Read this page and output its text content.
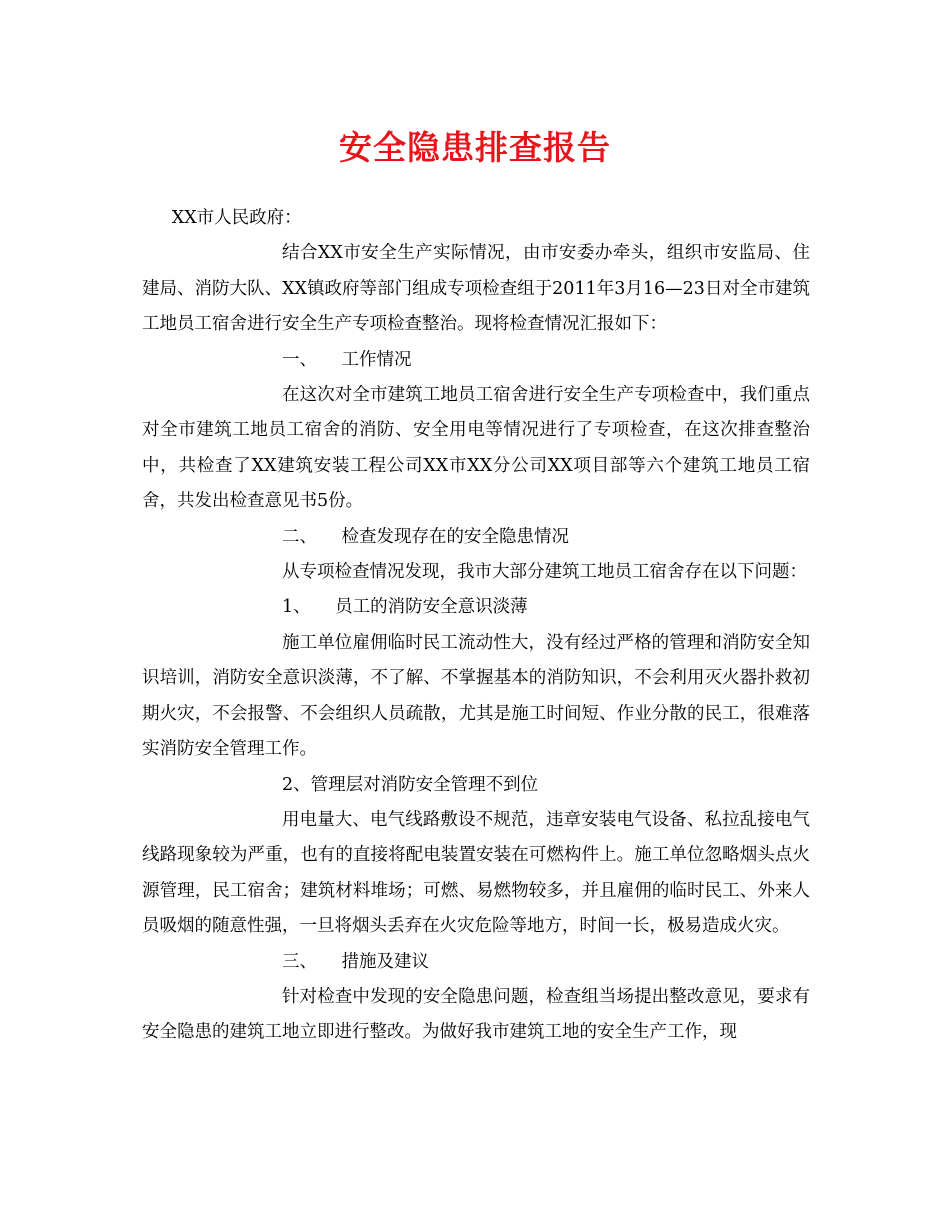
安全隐患排查报告

XX市人民政府：

结合XX市安全生产实际情况，由市安委办牵头，组织市安监局、住建局、消防大队、XX镇政府等部门组成专项检查组于2011年3月16—23日对全市建筑工地员工宿舍进行安全生产专项检查整治。现将检查情况汇报如下：

一、 工作情况

在这次对全市建筑工地员工宿舍进行安全生产专项检查中，我们重点对全市建筑工地员工宿舍的消防、安全用电等情况进行了专项检查，在这次排查整治中，共检查了XX建筑安装工程公司XX市XX分公司XX项目部等六个建筑工地员工宿舍，共发出检查意见书5份。

二、 检查发现存在的安全隐患情况

从专项检查情况发现，我市大部分建筑工地员工宿舍存在以下问题：

1、 员工的消防安全意识淡薄

施工单位雇佣临时民工流动性大，没有经过严格的管理和消防安全知识培训，消防安全意识淡薄，不了解、不掌握基本的消防知识，不会利用灭火器扑救初期火灾，不会报警、不会组织人员疏散，尤其是施工时间短、作业分散的民工，很难落实消防安全管理工作。

2、管理层对消防安全管理不到位

用电量大、电气线路敷设不规范，违章安装电气设备、私拉乱接电气线路现象较为严重，也有的直接将配电装置安装在可燃构件上。施工单位忽略烟头点火源管理，民工宿舍；建筑材料堆场；可燃、易燃物较多，并且雇佣的临时民工、外来人员吸烟的随意性强，一旦将烟头丢弃在火灾危险等地方，时间一长，极易造成火灾。

三、 措施及建议

针对检查中发现的安全隐患问题，检查组当场提出整改意见，要求有安全隐患的建筑工地立即进行整改。为做好我市建筑工地的安全生产工作，现
